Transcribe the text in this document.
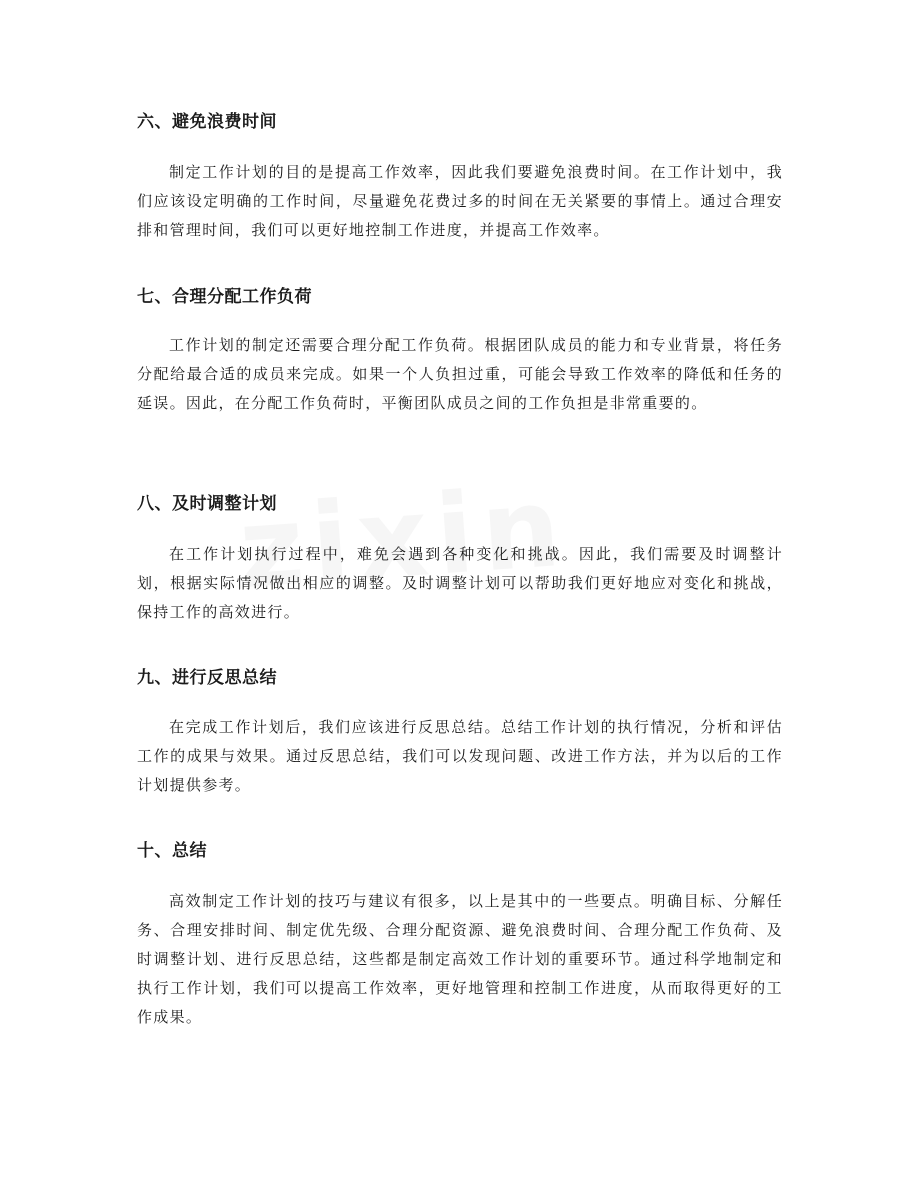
六、避免浪费时间

制定工作计划的目的是提高工作效率，因此我们要避免浪费时间。在工作计划中，我们应该设定明确的工作时间，尽量避免花费过多的时间在无关紧要的事情上。通过合理安排和管理时间，我们可以更好地控制工作进度，并提高工作效率。

七、合理分配工作负荷

工作计划的制定还需要合理分配工作负荷。根据团队成员的能力和专业背景，将任务分配给最合适的成员来完成。如果一个人负担过重，可能会导致工作效率的降低和任务的延误。因此，在分配工作负荷时，平衡团队成员之间的工作负担是非常重要的。

八、及时调整计划

在工作计划执行过程中，难免会遇到各种变化和挑战。因此，我们需要及时调整计划，根据实际情况做出相应的调整。及时调整计划可以帮助我们更好地应对变化和挑战，保持工作的高效进行。

九、进行反思总结

在完成工作计划后，我们应该进行反思总结。总结工作计划的执行情况，分析和评估工作的成果与效果。通过反思总结，我们可以发现问题、改进工作方法，并为以后的工作计划提供参考。

十、总结

高效制定工作计划的技巧与建议有很多，以上是其中的一些要点。明确目标、分解任务、合理安排时间、制定优先级、合理分配资源、避免浪费时间、合理分配工作负荷、及时调整计划、进行反思总结，这些都是制定高效工作计划的重要环节。通过科学地制定和执行工作计划，我们可以提高工作效率，更好地管理和控制工作进度，从而取得更好的工作成果。
